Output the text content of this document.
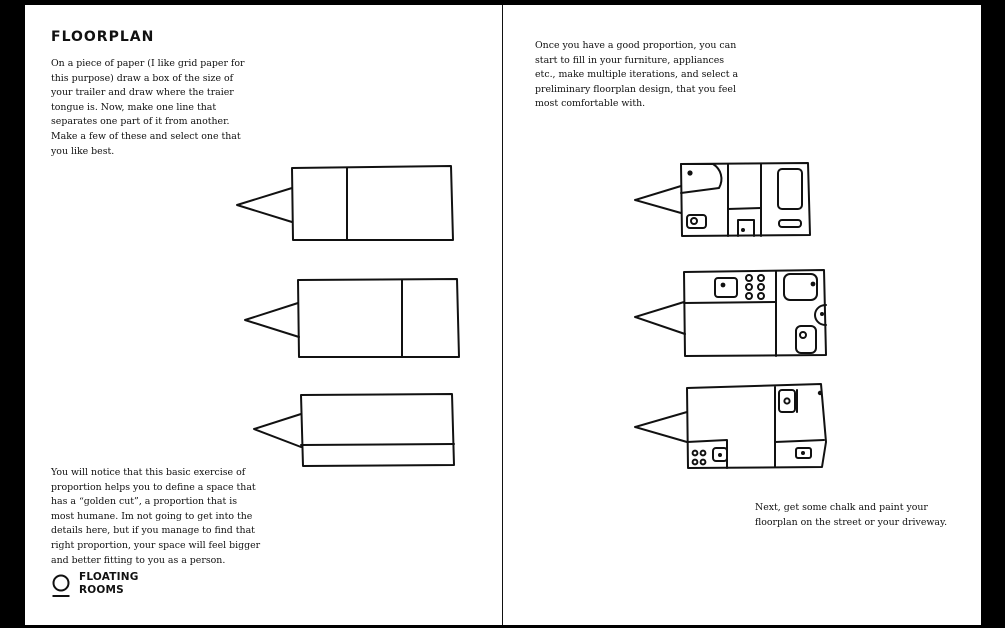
FLOORPLAN

On a piece of paper (I like grid paper for this purpose) draw a box of the size of your trailer and draw where the traier tongue is. Now, make one line that separates one part of it from another. Make a few of these and select one that you like best.

You will notice that this basic exercise of proportion helps you to define a space that has a “golden cut”, a proportion that is most humane. Im not going to get into the details here, but if you manage to find that right proportion, your space will feel bigger and better fitting to you as a person.

FLOATING
ROOMS

Once you have a good proportion, you can start to fill in your furniture, appliances etc., make multiple iterations, and select a preliminary floorplan design, that you feel most comfortable with.

Next, get some chalk and paint your floorplan on the street or your driveway.
